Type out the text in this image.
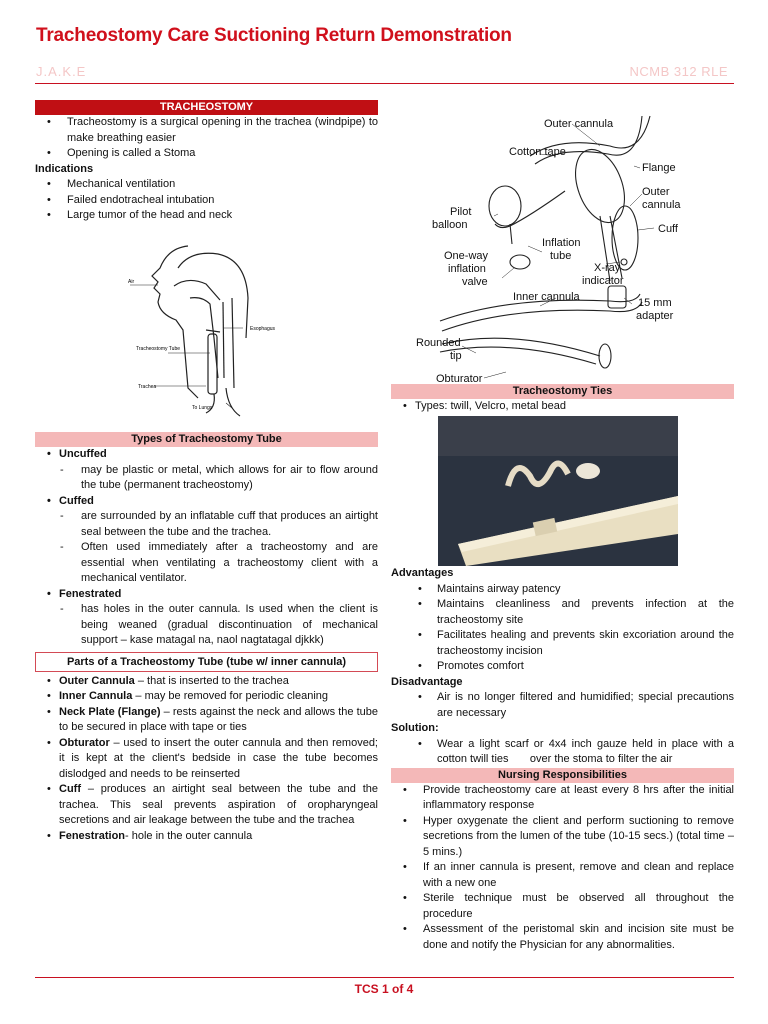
Tracheostomy Care Suctioning Return Demonstration
J.A.K.E	NCMB 312 RLE
TRACHEOSTOMY
• Tracheostomy is a surgical opening in the trachea (windpipe) to make breathing easier
• Opening is called a Stoma
Indications
• Mechanical ventilation
• Failed endotracheal intubation
• Large tumor of the head and neck
Air
Esophagus
Tracheostomy Tube
Trachea
To Lungs
Types of Tracheostomy Tube
• Uncuffed
- may be plastic or metal, which allows for air to flow around the tube (permanent tracheostomy)
• Cuffed
- are surrounded by an inflatable cuff that produces an airtight seal between the tube and the trachea.
- Often used immediately after a tracheostomy and are essential when ventilating a tracheostomy client with a mechanical ventilator.
• Fenestrated
- has holes in the outer cannula. Is used when the client is being weaned (gradual discontinuation of mechanical support – kase matagal na, naol nagtatagal djkkk)
Parts of a Tracheostomy Tube (tube w/ inner cannula)
• Outer Cannula – that is inserted to the trachea
• Inner Cannula – may be removed for periodic cleaning
• Neck Plate (Flange) – rests against the neck and allows the tube to be secured in place with tape or ties
• Obturator – used to insert the outer cannula and then removed; it is kept at the client's bedside in case the tube becomes dislodged and needs to be reinserted
• Cuff – produces an airtight seal between the tube and the trachea. This seal prevents aspiration of oropharyngeal secretions and air leakage between the tube and the trachea
• Fenestration- hole in the outer cannula
Outer cannula
Cotton tape
Flange
Outer cannula
Pilot balloon	Cuff
Inflation tube
One-way inflation valve
X-ray indicator
Inner cannula	15 mm adapter
Rounded tip
Obturator
Tracheostomy Ties
• Types: twill, Velcro, metal bead
Advantages
• Maintains airway patency
• Maintains cleanliness and prevents infection at the tracheostomy site
• Facilitates healing and prevents skin excoriation around the tracheostomy incision
• Promotes comfort
Disadvantage
• Air is no longer filtered and humidified; special precautions are necessary
Solution:
• Wear a light scarf or 4x4 inch gauze held in place with a cotton twill ties       over the stoma to filter the air
Nursing Responsibilities
• Provide tracheostomy care at least every 8 hrs after the initial inflammatory response
• Hyper oxygenate the client and perform suctioning to remove secretions from the lumen of the tube (10-15 secs.) (total time – 5 mins.)
• If an inner cannula is present, remove and clean and replace with a new one
• Sterile technique must be observed all throughout the procedure
• Assessment of the peristomal skin and incision site must be done and notify the Physician for any abnormalities.
TCS 1 of 4
